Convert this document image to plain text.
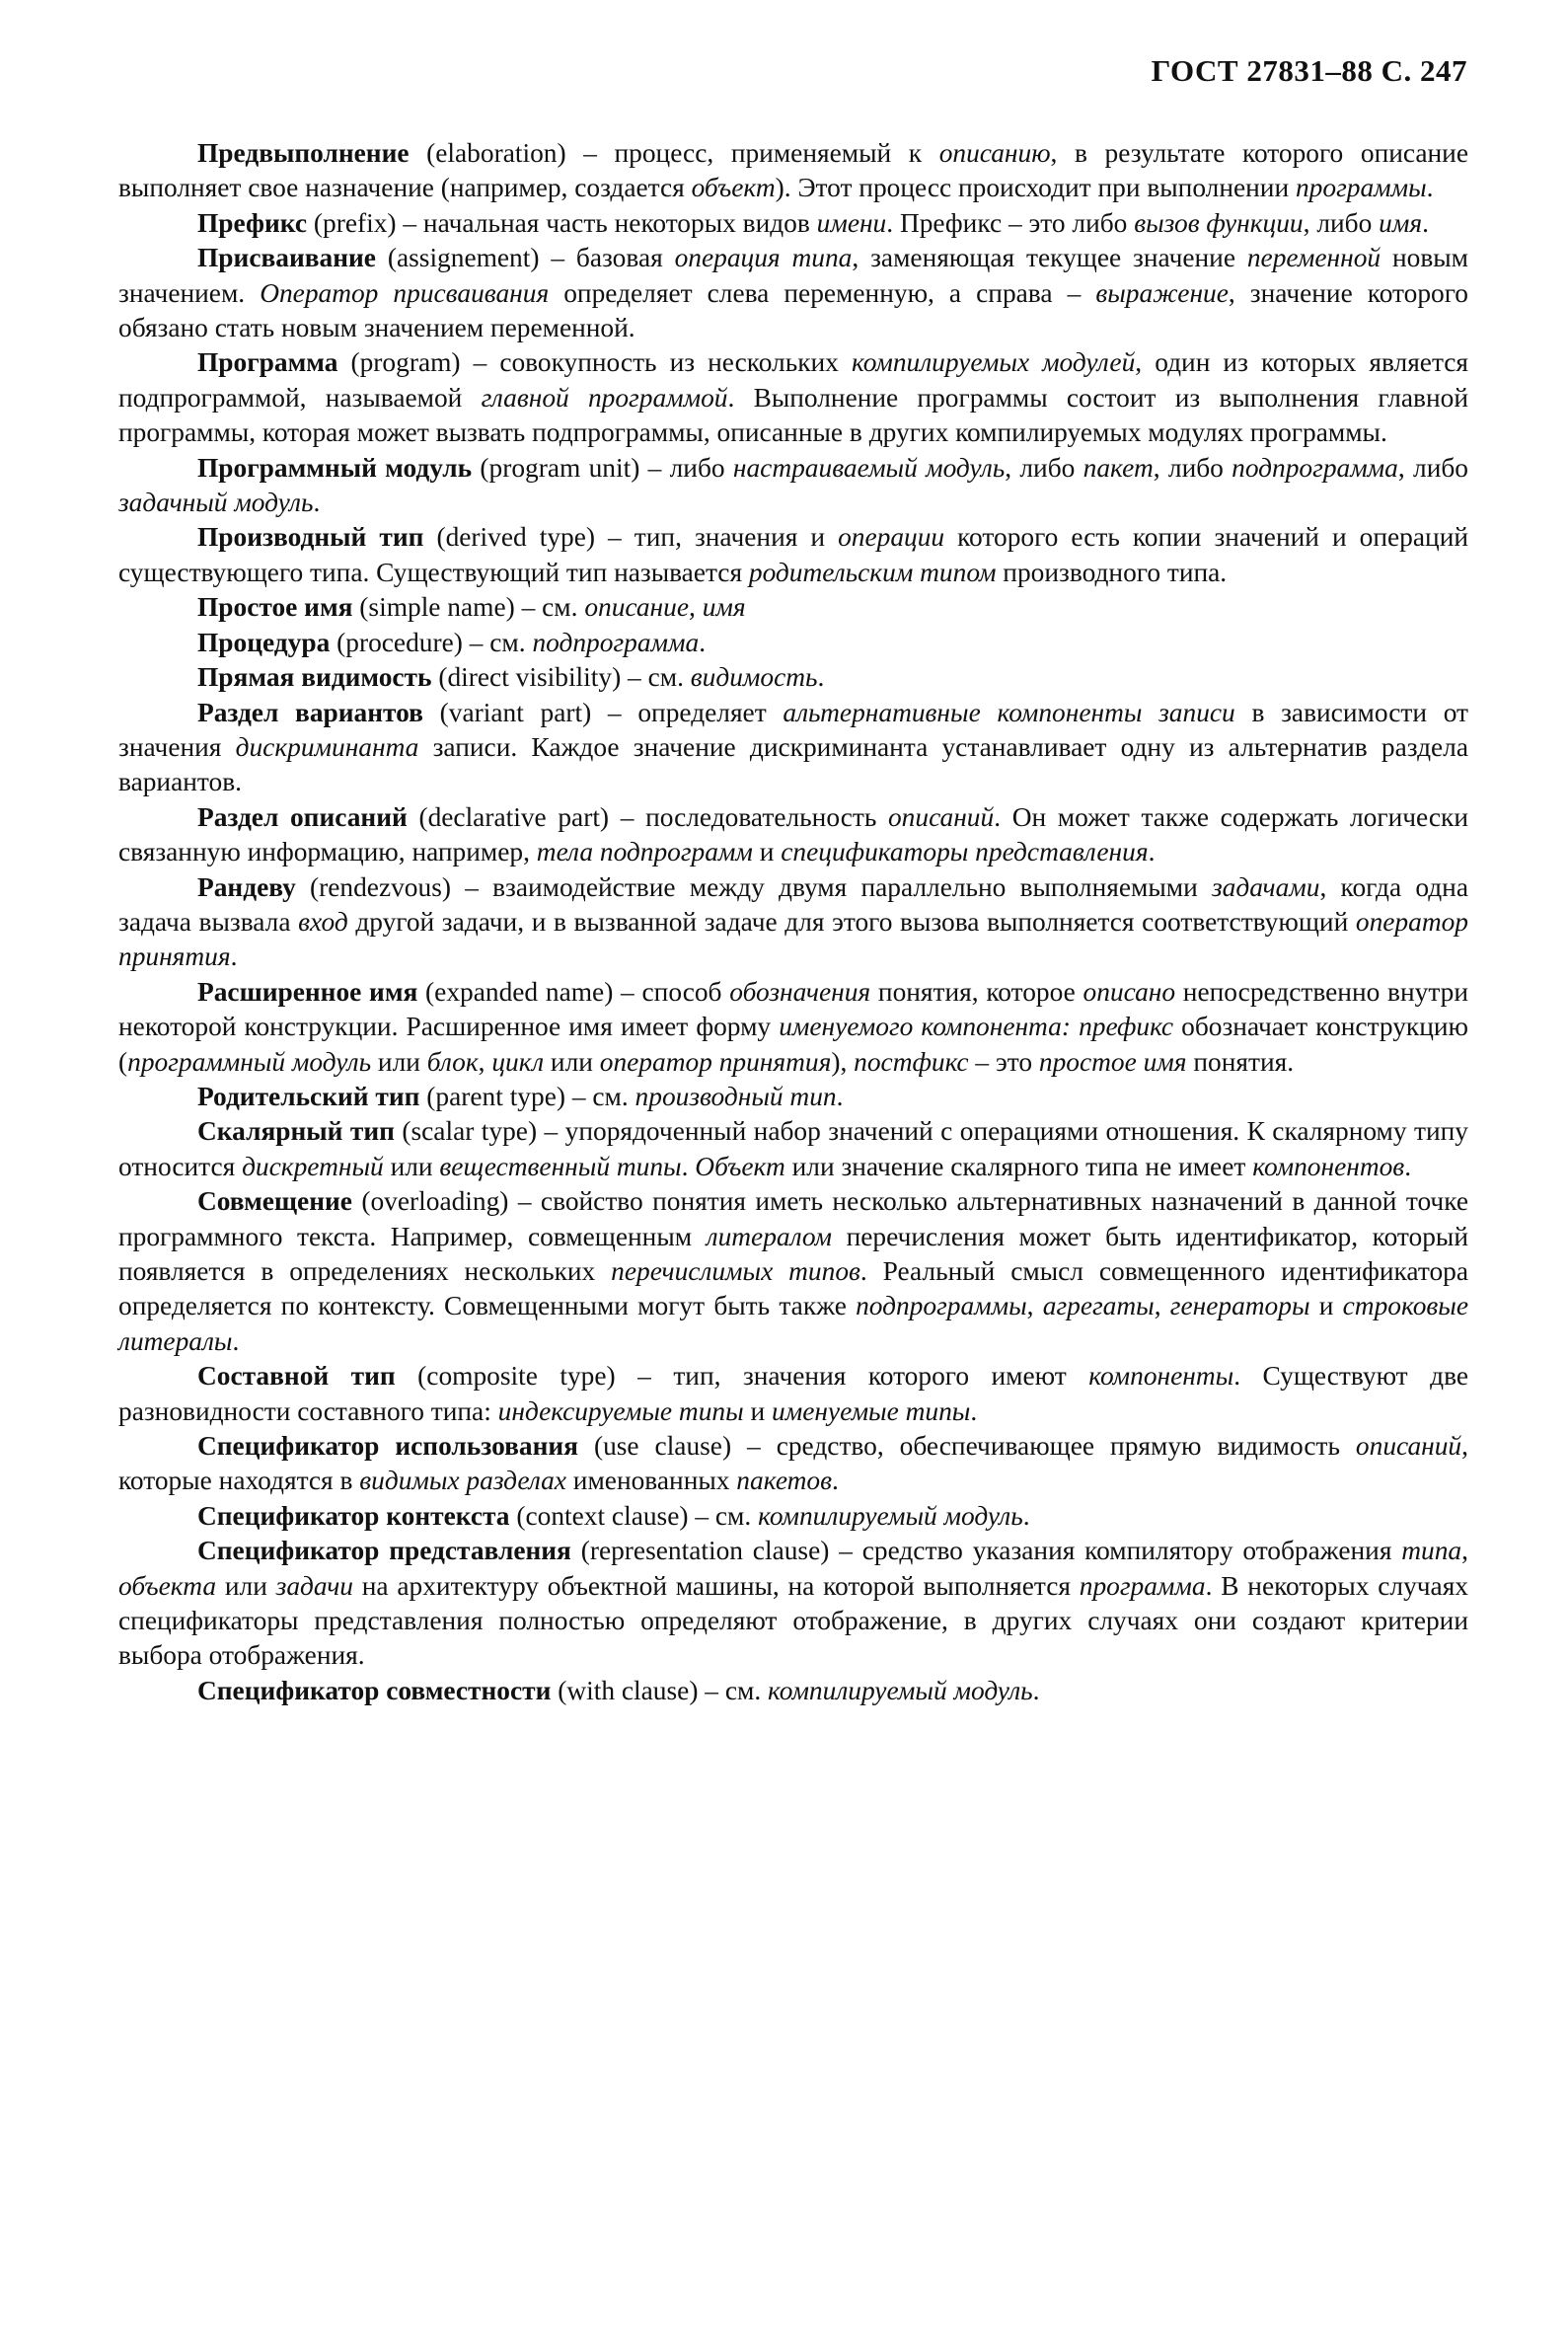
ГОСТ 27831–88 С. 247

Предвыполнение (elaboration) – процесс, применяемый к описанию, в результате которого описание выполняет свое назначение (например, создается объект). Этот процесс происходит при выполнении программы.

Префикс (prefix) – начальная часть некоторых видов имени. Префикс – это либо вызов функции, либо имя.

Присваивание (assignement) – базовая операция типа, заменяющая текущее значение переменной новым значением. Оператор присваивания определяет слева переменную, а справа – выражение, значение которого обязано стать новым значением переменной.

Программа (program) – совокупность из нескольких компилируемых модулей, один из которых является подпрограммой, называемой главной программой. Выполнение программы состоит из выполнения главной программы, которая может вызвать подпрограммы, описанные в других компилируемых модулях программы.

Программный модуль (program unit) – либо настраиваемый модуль, либо пакет, либо подпрограмма, либо задачный модуль.

Производный тип (derived type) – тип, значения и операции которого есть копии значений и операций существующего типа. Существующий тип называется родительским типом производного типа.

Простое имя (simple name) – см. описание, имя

Процедура (procedure) – см. подпрограмма.

Прямая видимость (direct visibility) – см. видимость.

Раздел вариантов (variant part) – определяет альтернативные компоненты записи в зависимости от значения дискриминанта записи. Каждое значение дискриминанта устанавливает одну из альтернатив раздела вариантов.

Раздел описаний (declarative part) – последовательность описаний. Он может также содержать логически связанную информацию, например, тела подпрограмм и спецификаторы представления.

Рандеву (rendezvous) – взаимодействие между двумя параллельно выполняемыми задачами, когда одна задача вызвала вход другой задачи, и в вызванной задаче для этого вызова выполняется соответствующий оператор принятия.

Расширенное имя (expanded name) – способ обозначения понятия, которое описано непосредственно внутри некоторой конструкции. Расширенное имя имеет форму именуемого компонента: префикс обозначает конструкцию (программный модуль или блок, цикл или оператор принятия), постфикс – это простое имя понятия.

Родительский тип (parent type) – см. производный тип.

Скалярный тип (scalar type) – упорядоченный набор значений с операциями отношения. К скалярному типу относится дискретный или вещественный типы. Объект или значение скалярного типа не имеет компонентов.

Совмещение (overloading) – свойство понятия иметь несколько альтернативных назначений в данной точке программного текста. Например, совмещенным литералом перечисления может быть идентификатор, который появляется в определениях нескольких перечислимых типов. Реальный смысл совмещенного идентификатора определяется по контексту. Совмещенными могут быть также подпрограммы, агрегаты, генераторы и строковые литералы.

Составной тип (composite type) – тип, значения которого имеют компоненты. Существуют две разновидности составного типа: индексируемые типы и именуемые типы.

Спецификатор использования (use clause) – средство, обеспечивающее прямую видимость описаний, которые находятся в видимых разделах именованных пакетов.

Спецификатор контекста (context clause) – см. компилируемый модуль.

Спецификатор представления (representation clause) – средство указания компилятору отображения типа, объекта или задачи на архитектуру объектной машины, на которой выполняется программа. В некоторых случаях спецификаторы представления полностью определяют отображение, в других случаях они создают критерии выбора отображения.

Спецификатор совместности (with clause) – см. компилируемый модуль.
